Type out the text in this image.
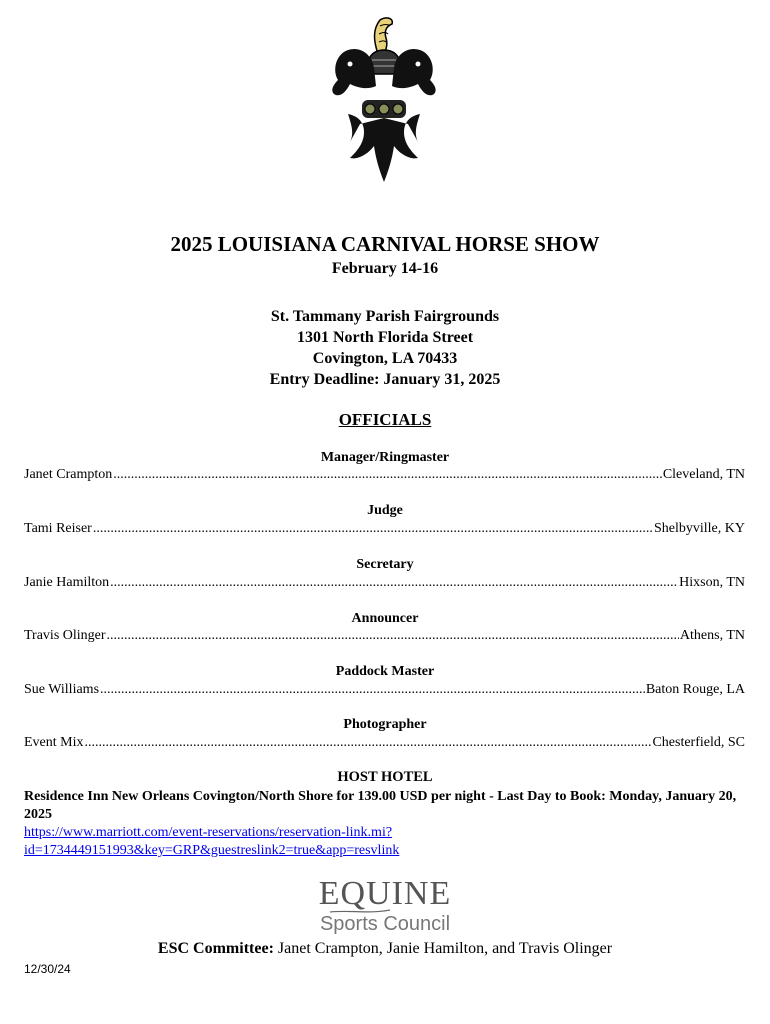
2025 LOUISIANA CARNIVAL HORSE SHOW
February 14-16
St. Tammany Parish Fairgrounds
1301 North Florida Street
Covington, LA 70433
Entry Deadline: January 31, 2025
OFFICIALS
Manager/Ringmaster
Janet Crampton .....	Cleveland, TN
Judge
Tami Reiser .....	Shelbyville, KY
Secretary
Janie Hamilton .....	Hixson, TN
Announcer
Travis Olinger .....	Athens, TN
Paddock Master
Sue Williams .....	Baton Rouge, LA
Photographer
Event Mix .....	Chesterfield, SC
HOST HOTEL
Residence Inn New Orleans Covington/North Shore for 139.00 USD per night - Last Day to Book: Monday, January 20, 2025
https://www.marriott.com/event-reservations/reservation-link.mi?id=1734449151993&key=GRP&guestreslink2=true&app=resvlink
EQUINE
Sports Council
ESC Committee: Janet Crampton, Janie Hamilton, and Travis Olinger
12/30/24
